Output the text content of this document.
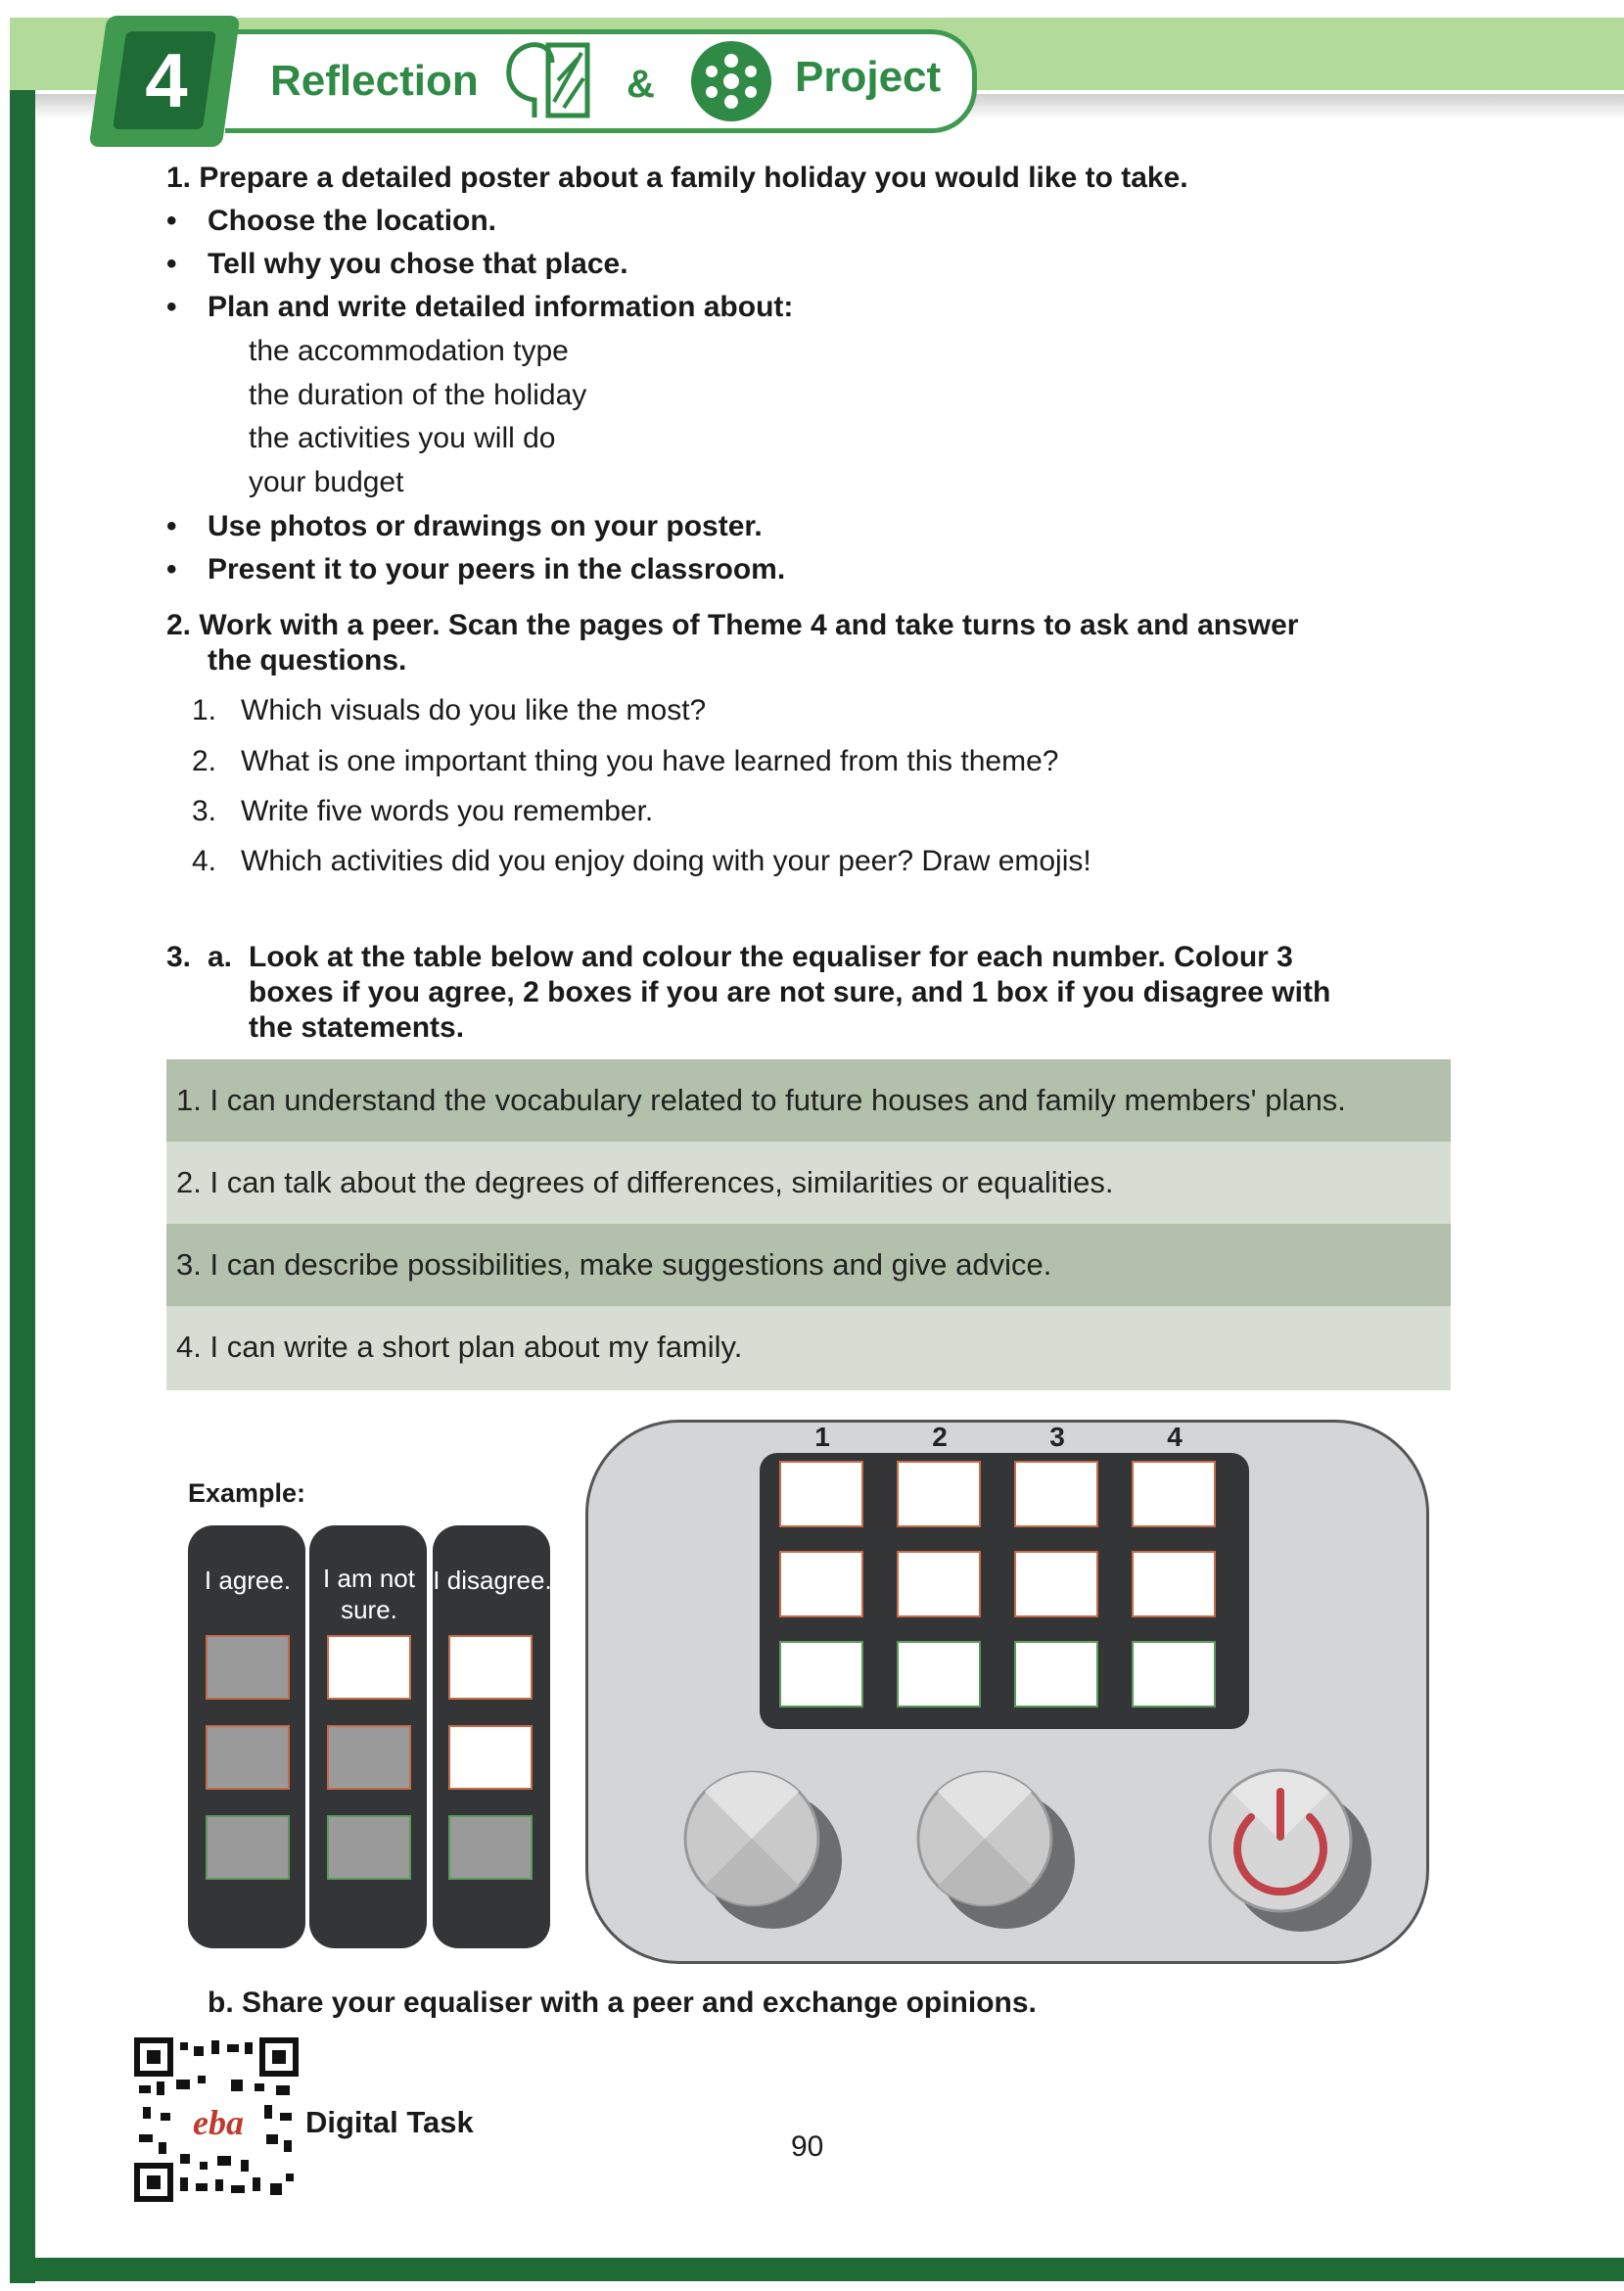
4	Reflection	&	Project
1. Prepare a detailed poster about a family holiday you would like to take.
• Choose the location.
• Tell why you chose that place.
• Plan and write detailed information about:
the accommodation type
the duration of the holiday
the activities you will do
your budget
• Use photos or drawings on your poster.
• Present it to your peers in the classroom.
2. Work with a peer. Scan the pages of Theme 4 and take turns to ask and answer
the questions.
1. Which visuals do you like the most?
2. What is one important thing you have learned from this theme?
3. Write five words you remember.
4. Which activities did you enjoy doing with your peer? Draw emojis!
3. a. Look at the table below and colour the equaliser for each number. Colour 3
boxes if you agree, 2 boxes if you are not sure, and 1 box if you disagree with
the statements.
1. I can understand the vocabulary related to future houses and family members' plans.
2. I can talk about the degrees of differences, similarities or equalities.
3. I can describe possibilities, make suggestions and give advice.
4. I can write a short plan about my family.
Example:
I agree.	I am not
sure.
I disagree.
1	2	3	4
b. Share your equaliser with a peer and exchange opinions.
eba Digital Task
90
